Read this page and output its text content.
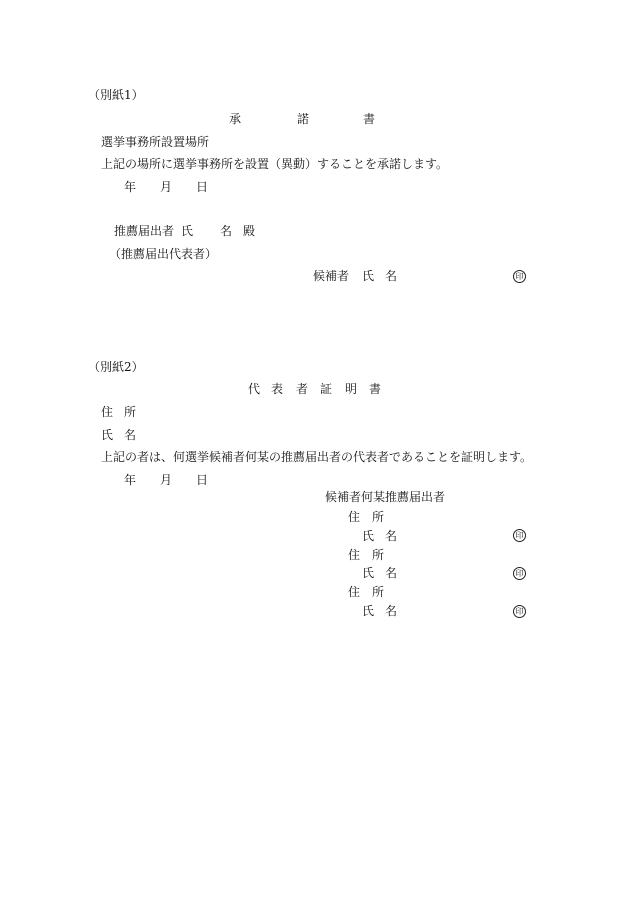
（別紙1）
承	諾	書
選挙事務所設置場所
上記の場所に選挙事務所を設置（異動）することを承諾します。
年 月 日
推薦届出者 氏 名 殿
（推薦届出代表者）
候補者 氏 名	印
（別紙2）
代 表 者 証 明 書
住 所
氏 名
上記の者は、何選挙候補者何某の推薦届出者の代表者であることを証明します。
年 月 日
候補者何某推薦届出者
住 所
氏 名	印
住 所
氏 名	印
住 所
氏 名	印
